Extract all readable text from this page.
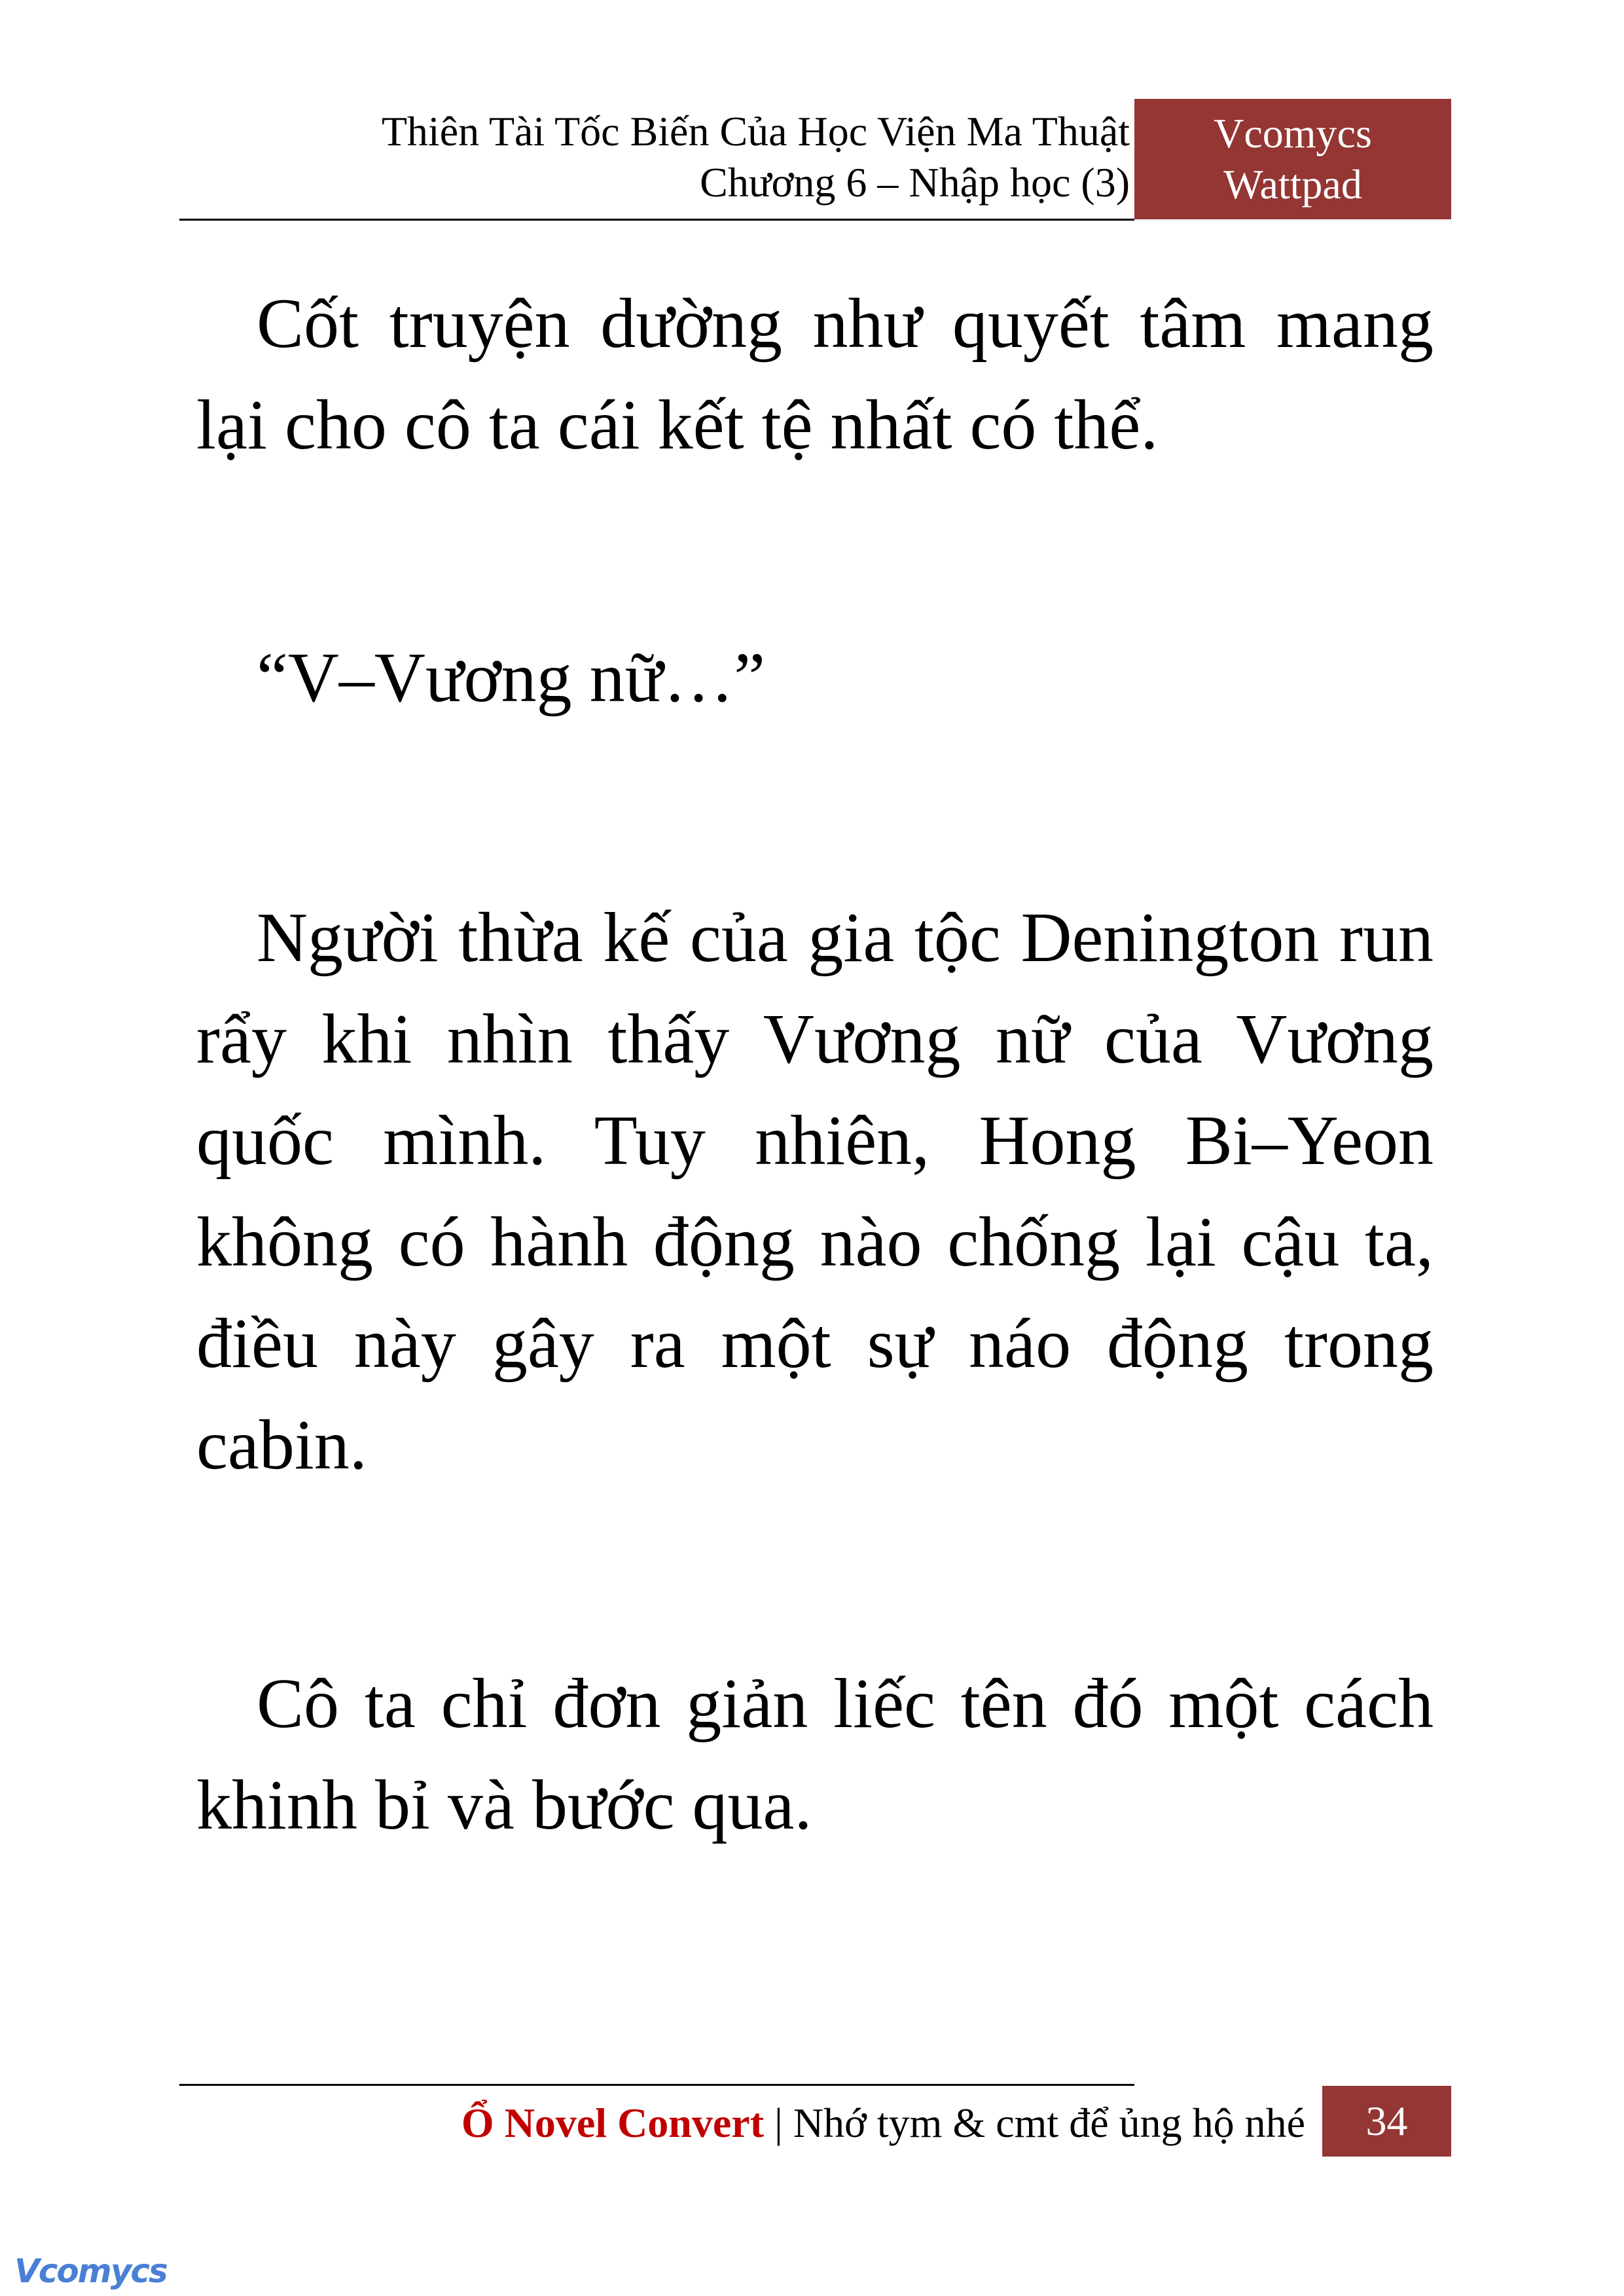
Thiên Tài Tốc Biến Của Học Viện Ma Thuật
Chương 6 – Nhập học (3)
Vcomycs
Wattpad

Cốt truyện dường như quyết tâm mang lại cho cô ta cái kết tệ nhất có thể.

“V–Vương nữ…”

Người thừa kế của gia tộc Denington run rẩy khi nhìn thấy Vương nữ của Vương quốc mình. Tuy nhiên, Hong Bi–Yeon không có hành động nào chống lại cậu ta, điều này gây ra một sự náo động trong cabin.

Cô ta chỉ đơn giản liếc tên đó một cách khinh bỉ và bước qua.

Ổ Novel Convert | Nhớ tym & cmt để ủng hộ nhé	34
Vcomycs
